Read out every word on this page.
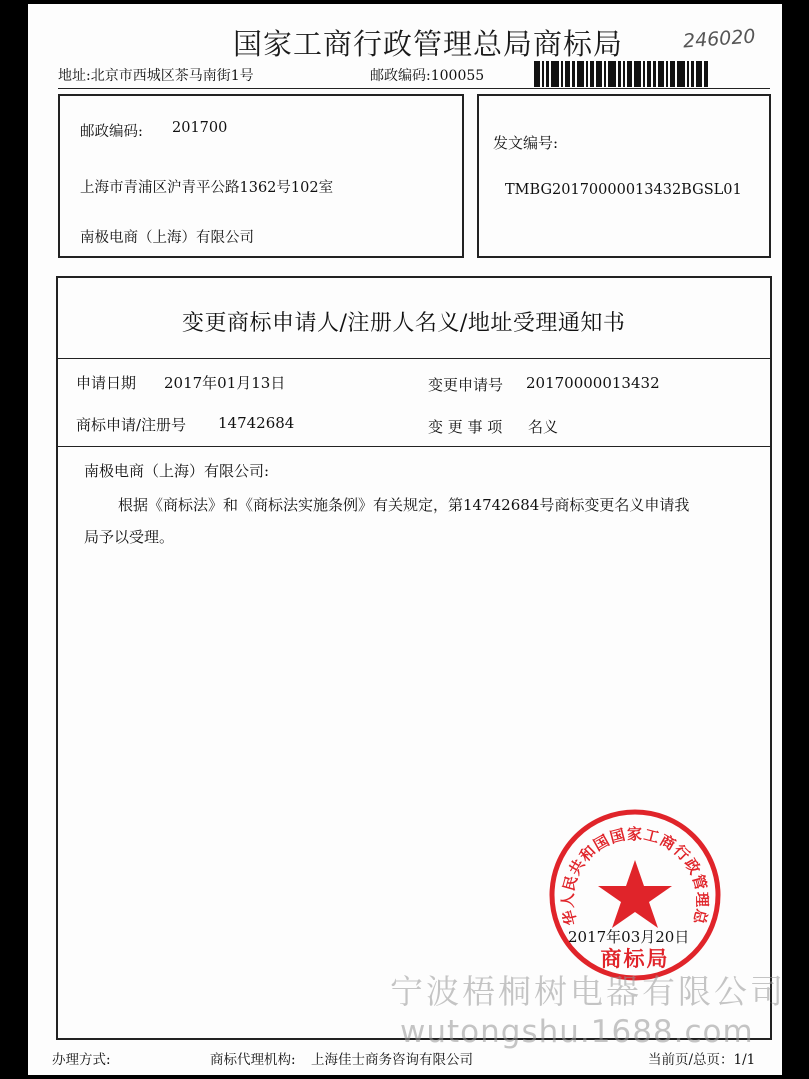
国家工商行政管理总局商标局	246020
地址:北京市西城区茶马南街1号	邮政编码:100055
邮政编码: 201700
上海市青浦区沪青平公路1362号102室
南极电商（上海）有限公司
发文编号:
TMBG20170000013432BGSL01
变更商标申请人/注册人名义/地址受理通知书
申请日期 2017年01月13日	变更申请号 20170000013432
商标申请/注册号 14742684	变 更 事 项 名义
南极电商（上海）有限公司:
根据《商标法》和《商标法实施条例》有关规定，第14742684号商标变更名义申请我
局予以受理。
华人民共和国国家工商行政管理总
商标局
2017年03月20日
宁波梧桐树电器有限公司
wutongshu.1688.com
办理方式:	商标代理机构: 上海佳士商务咨询有限公司	当前页/总页：1/1
